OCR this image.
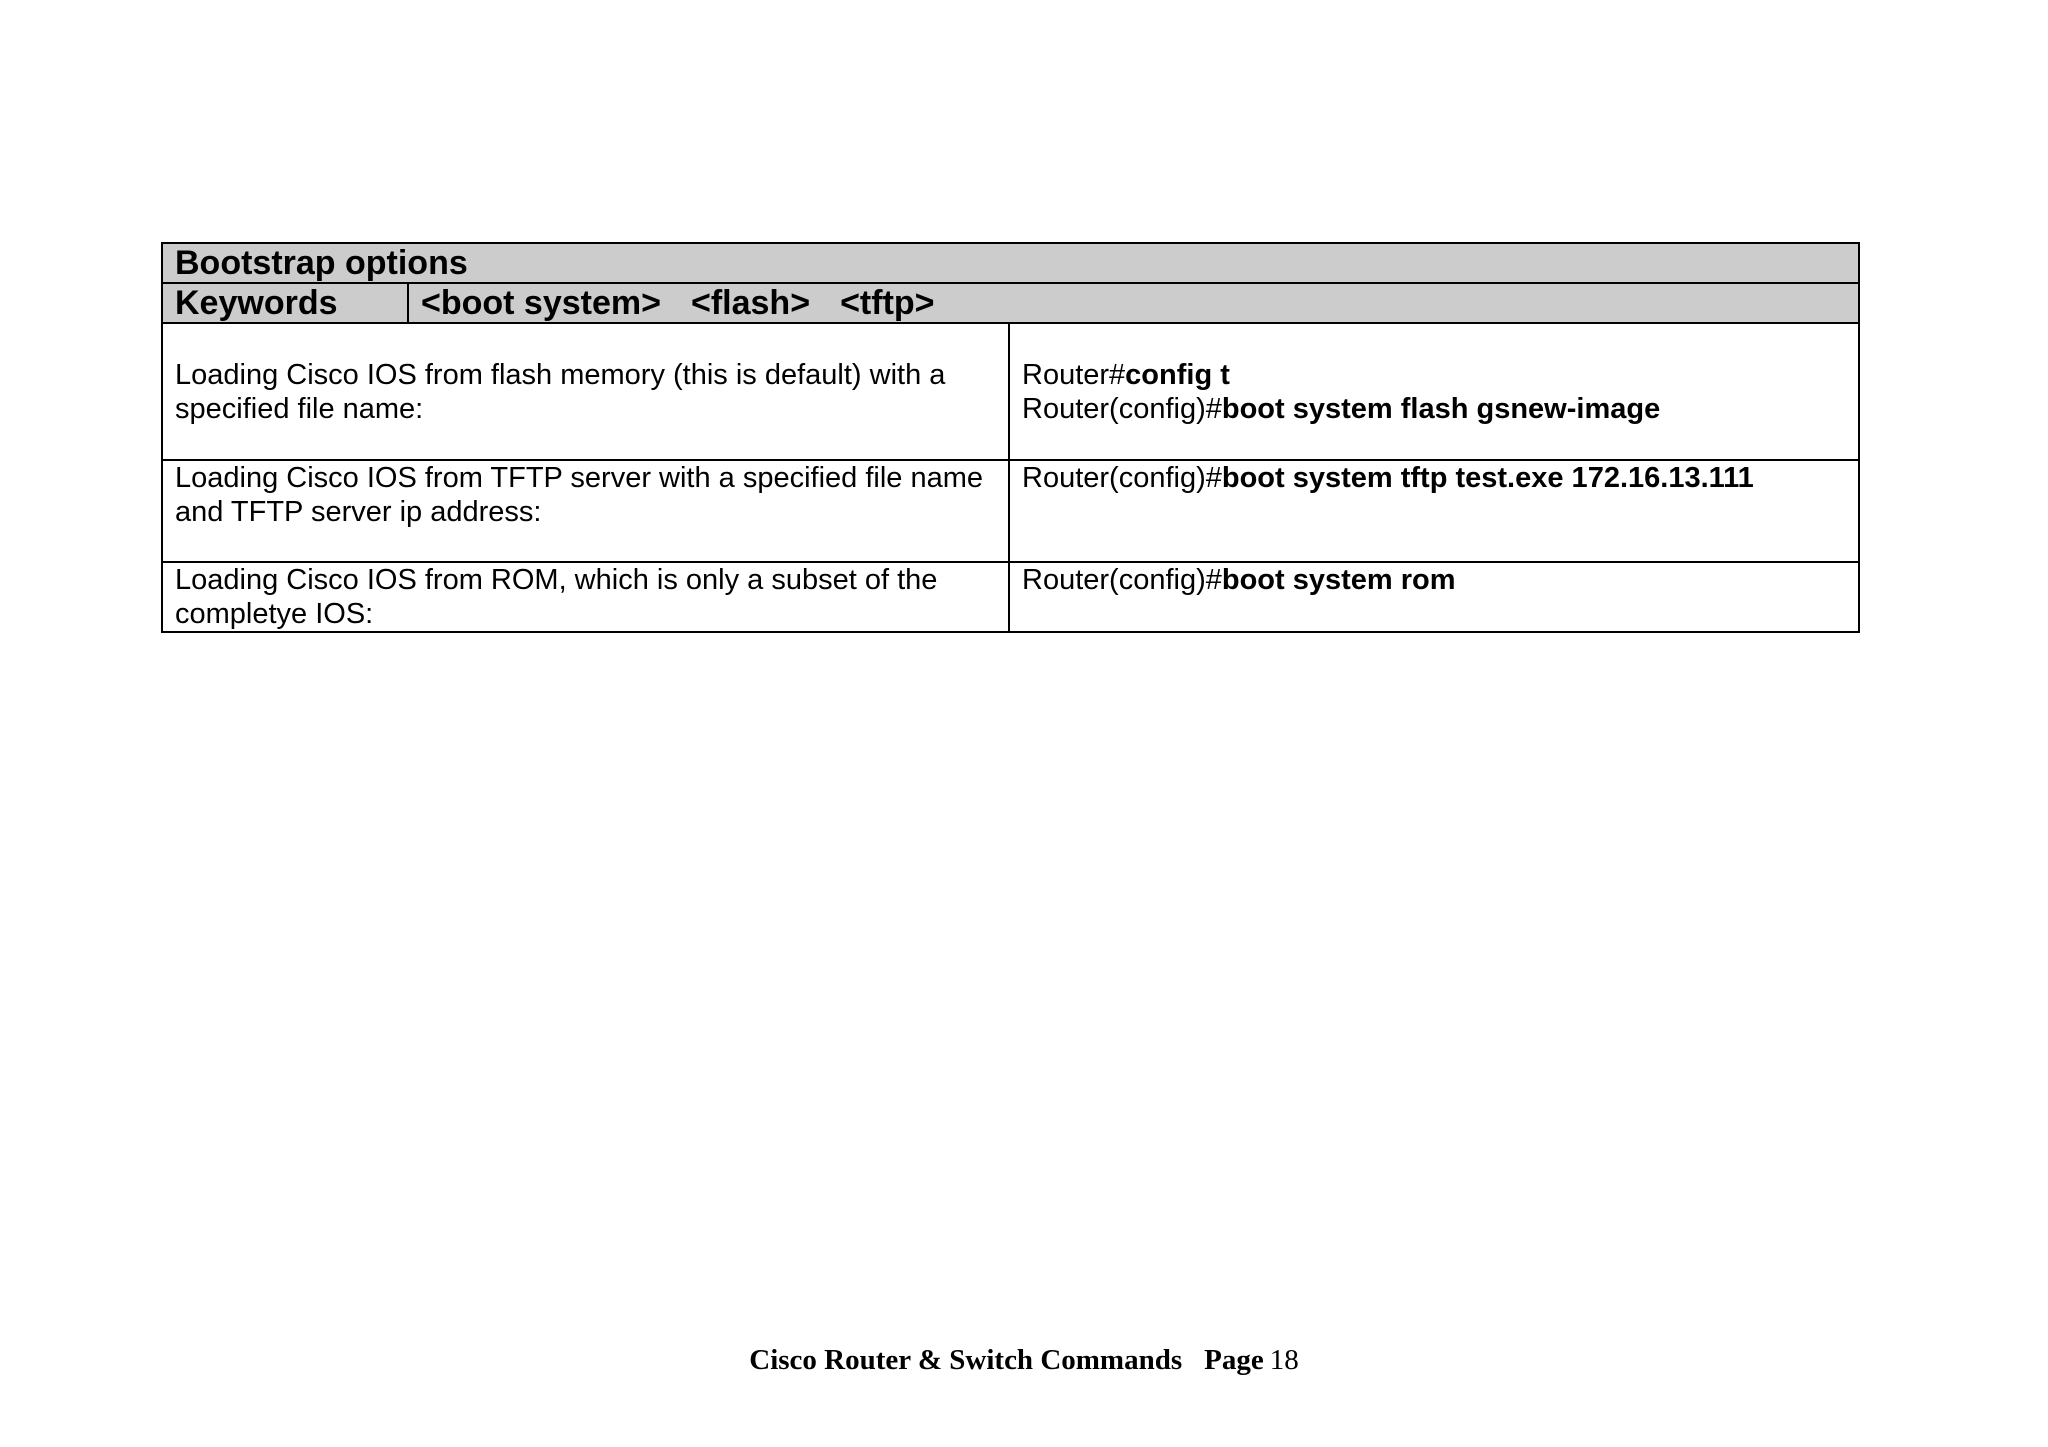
Bootstrap options		
Keywords	<boot system> <flash> <tftp>	

Loading Cisco IOS from flash memory (this is default) with a specified file name:		Router#config t
Router(config)#boot system flash gsnew-image

Loading Cisco IOS from TFTP server with a specified file name and TFTP server ip address:		Router(config)#boot system tftp test.exe 172.16.13.111

Loading Cisco IOS from ROM, which is only a subset of the completye IOS:		Router(config)#boot system rom
Cisco Router & Switch Commands Page 18
